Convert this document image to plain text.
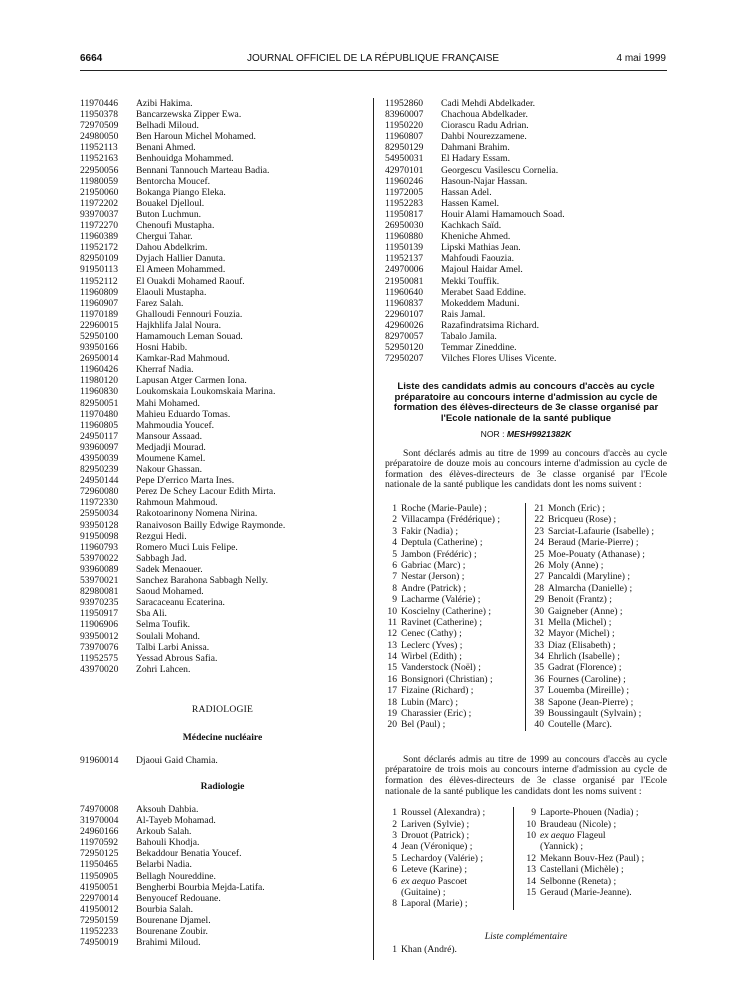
6664	JOURNAL OFFICIEL DE LA RÉPUBLIQUE FRANÇAISE	4 mai 1999
11970446 Azibi Hakima.
11950378 Bancarzewska Zipper Ewa.
72970509 Belhadi Miloud.
24980050 Ben Haroun Michel Mohamed.
11952113 Benani Ahmed.
11952163 Benhouidga Mohammed.
22950056 Bennani Tannouch Marteau Badia.
11980059 Bentorcha Moucef.
21950060 Bokanga Piango Eleka.
11972202 Bouakel Djelloul.
93970037 Buton Luchmun.
11972270 Chenoufi Mustapha.
11960389 Chergui Tahar.
11952172 Dahou Abdelkrim.
82950109 Dyjach Hallier Danuta.
91950113 El Ameen Mohammed.
11952112 El Ouakdi Mohamed Raouf.
11960809 Elaouli Mustapha.
11960907 Farez Salah.
11970189 Ghalloudi Fennouri Fouzia.
22960015 Hajkhlifa Jalal Noura.
52950100 Hamamouch Leman Souad.
93950166 Hosni Habib.
26950014 Kamkar-Rad Mahmoud.
11960426 Kherraf Nadia.
11980120 Lapusan Atger Carmen Iona.
11960830 Loukomskaia Loukomskaia Marina.
82950051 Mahi Mohamed.
11970480 Mahieu Eduardo Tomas.
11960805 Mahmoudia Youcef.
24950117 Mansour Assaad.
93960097 Medjadji Mourad.
43950039 Moumene Kamel.
82950239 Nakour Ghassan.
24950144 Pepe D'errico Marta Ines.
72960080 Perez De Schey Lacour Edith Mirta.
11972330 Rahmoun Mahmoud.
25950034 Rakotoarinony Nomena Nirina.
93950128 Ranaivoson Bailly Edwige Raymonde.
91950098 Rezgui Hedi.
11960793 Romero Muci Luis Felipe.
53970022 Sabbagh Jad.
93960089 Sadek Menaouer.
53970021 Sanchez Barahona Sabbagh Nelly.
82980081 Saoud Mohamed.
93970235 Saracaceanu Ecaterina.
11950917 Sba Ali.
11906906 Selma Toufik.
93950012 Soulali Mohand.
73970076 Talbi Larbi Anissa.
11952575 Yessad Abrous Safia.
43970020 Zohri Lahcen.
RADIOLOGIE
Médecine nucléaire
91960014 Djaoui Gaid Chamia.
Radiologie
74970008 Aksouh Dahbia.
31970004 Al-Tayeb Mohamad.
24960166 Arkoub Salah.
11970592 Bahouli Khodja.
72950125 Bekaddour Benatia Youcef.
11950465 Belarbi Nadia.
11950905 Bellagh Noureddine.
41950051 Bengherbi Bourbia Mejda-Latifa.
22970014 Benyoucef Redouane.
41950012 Bourbia Salah.
72950159 Bourenane Djamel.
11952233 Bourenane Zoubir.
74950019 Brahimi Miloud.
11952860 Cadi Mehdi Abdelkader.
83960007 Chachoua Abdelkader.
11950220 Ciorascu Radu Adrian.
11960807 Dahbi Nourezzamene.
82950129 Dahmani Brahim.
54950031 El Hadary Essam.
42970101 Georgescu Vasilescu Cornelia.
11960246 Hasoun-Najar Hassan.
11972005 Hassan Adel.
11952283 Hassen Kamel.
11950817 Houir Alami Hamamouch Soad.
26950030 Kachkach Saïd.
11960880 Kheniche Ahmed.
11950139 Lipski Mathias Jean.
11952137 Mahfoudi Faouzia.
24970006 Majoul Haidar Amel.
21950081 Mekki Touffik.
11960640 Merabet Saad Eddine.
11960837 Mokeddem Maduni.
22960107 Rais Jamal.
42960026 Razafindratsima Richard.
82970057 Tabalo Jamila.
52950120 Temmar Zineddine.
72950207 Vilches Flores Ulises Vicente.
Liste des candidats admis au concours d'accès au cycle préparatoire au concours interne d'admission au cycle de formation des élèves-directeurs de 3e classe organisé par l'Ecole nationale de la santé publique
NOR : MESH9921382K
Sont déclarés admis au titre de 1999 au concours d'accès au cycle préparatoire de douze mois au concours interne d'admission au cycle de formation des élèves-directeurs de 3e classe organisé par l'Ecole nationale de la santé publique les candidats dont les noms suivent :
1 Roche (Marie-Paule) ;
2 Villacampa (Frédérique) ;
3 Fakir (Nadia) ;
4 Deptula (Catherine) ;
5 Jambon (Frédéric) ;
6 Gabriac (Marc) ;
7 Nestar (Jerson) ;
8 Andre (Patrick) ;
9 Lacharme (Valérie) ;
10 Koscielny (Catherine) ;
11 Ravinet (Catherine) ;
12 Cenec (Cathy) ;
13 Leclerc (Yves) ;
14 Wirbel (Edith) ;
15 Vanderstock (Noël) ;
16 Bonsignori (Christian) ;
17 Fizaine (Richard) ;
18 Lubin (Marc) ;
19 Charassier (Eric) ;
20 Bel (Paul) ;
21 Monch (Eric) ;
22 Bricqueu (Rose) ;
23 Sarciat-Lafaurie (Isabelle) ;
24 Beraud (Marie-Pierre) ;
25 Moe-Pouaty (Athanase) ;
26 Moly (Anne) ;
27 Pancaldi (Maryline) ;
28 Almarcha (Danielle) ;
29 Benoit (Frantz) ;
30 Gaigneber (Anne) ;
31 Mella (Michel) ;
32 Mayor (Michel) ;
33 Diaz (Elisabeth) ;
34 Ehrlich (Isabelle) ;
35 Gadrat (Florence) ;
36 Fournes (Caroline) ;
37 Louemba (Mireille) ;
38 Sapone (Jean-Pierre) ;
39 Boussingault (Sylvain) ;
40 Coutelle (Marc).
Sont déclarés admis au titre de 1999 au concours d'accès au cycle préparatoire de trois mois au concours interne d'admission au cycle de formation des élèves-directeurs de 3e classe organisé par l'Ecole nationale de la santé publique les candidats dont les noms suivent :
1 Roussel (Alexandra) ;
2 Lariven (Sylvie) ;
3 Drouot (Patrick) ;
4 Jean (Véronique) ;
5 Lechardoy (Valérie) ;
6 Leteve (Karine) ;
6 ex aequo Pascoet
(Guitaine) ;
8 Laporal (Marie) ;
9 Laporte-Phouen (Nadia) ;
10 Braudeau (Nicole) ;
10 ex aequo Flageul
(Yannick) ;
12 Mekann Bouv-Hez (Paul) ;
13 Castellani (Michèle) ;
14 Selbonne (Reneta) ;
15 Geraud (Marie-Jeanne).
Liste complémentaire
1 Khan (André).
